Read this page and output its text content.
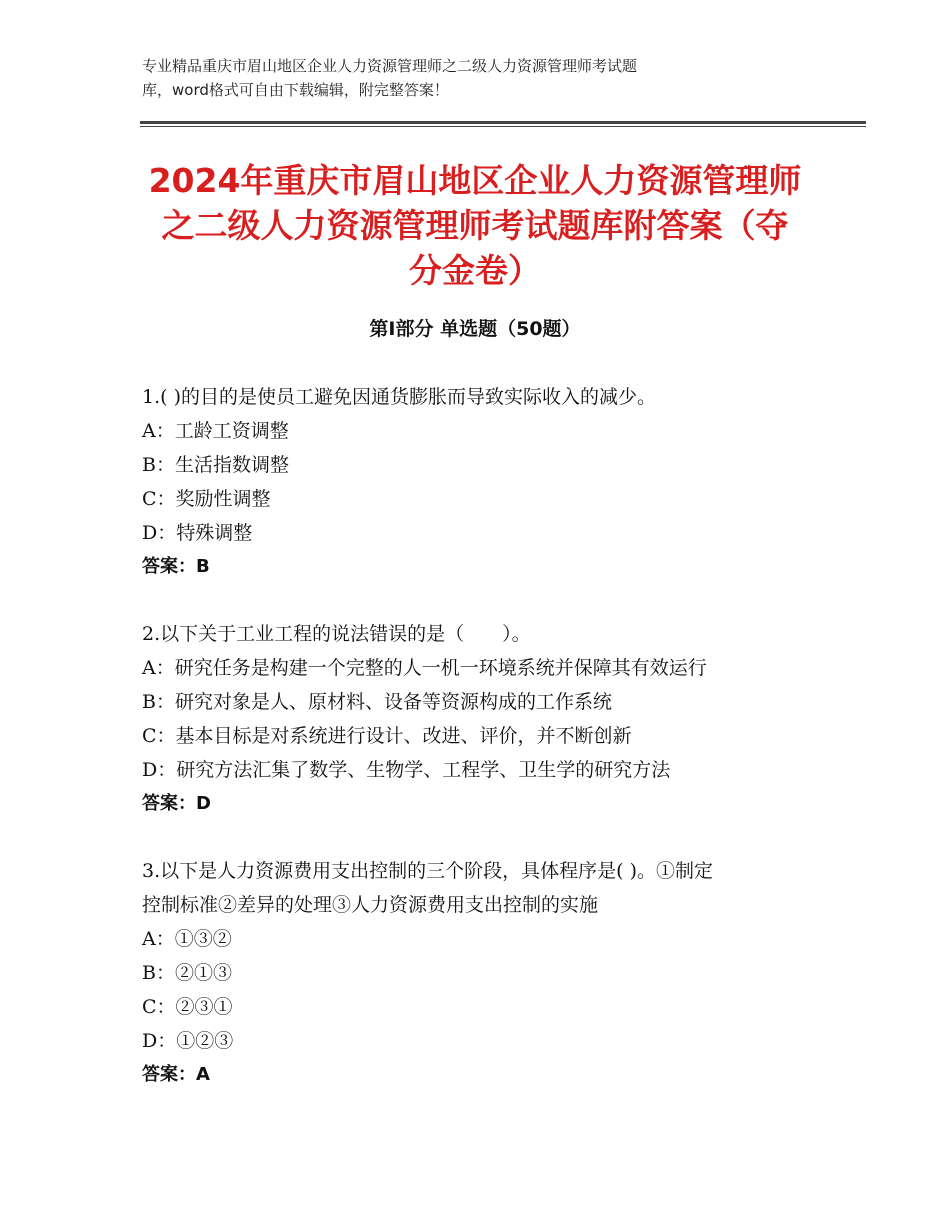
专业精品重庆市眉山地区企业人力资源管理师之二级人力资源管理师考试题
库，word格式可自由下载编辑，附完整答案！
2024年重庆市眉山地区企业人力资源管理师
之二级人力资源管理师考试题库附答案（夺
分金卷）
第Ⅰ部分 单选题（50题）
1.( )的目的是使员工避免因通货膨胀而导致实际收入的减少。
A：工龄工资调整
B：生活指数调整
C：奖励性调整
D：特殊调整
答案：B
2.以下关于工业工程的说法错误的是（　　）。
A：研究任务是构建一个完整的人一机一环境系统并保障其有效运行
B：研究对象是人、原材料、设备等资源构成的工作系统
C：基本目标是对系统进行设计、改进、评价，并不断创新
D：研究方法汇集了数学、生物学、工程学、卫生学的研究方法
答案：D
3.以下是人力资源费用支出控制的三个阶段，具体程序是( )。①制定
控制标准②差异的处理③人力资源费用支出控制的实施
A：①③②
B：②①③
C：②③①
D：①②③
答案：A
